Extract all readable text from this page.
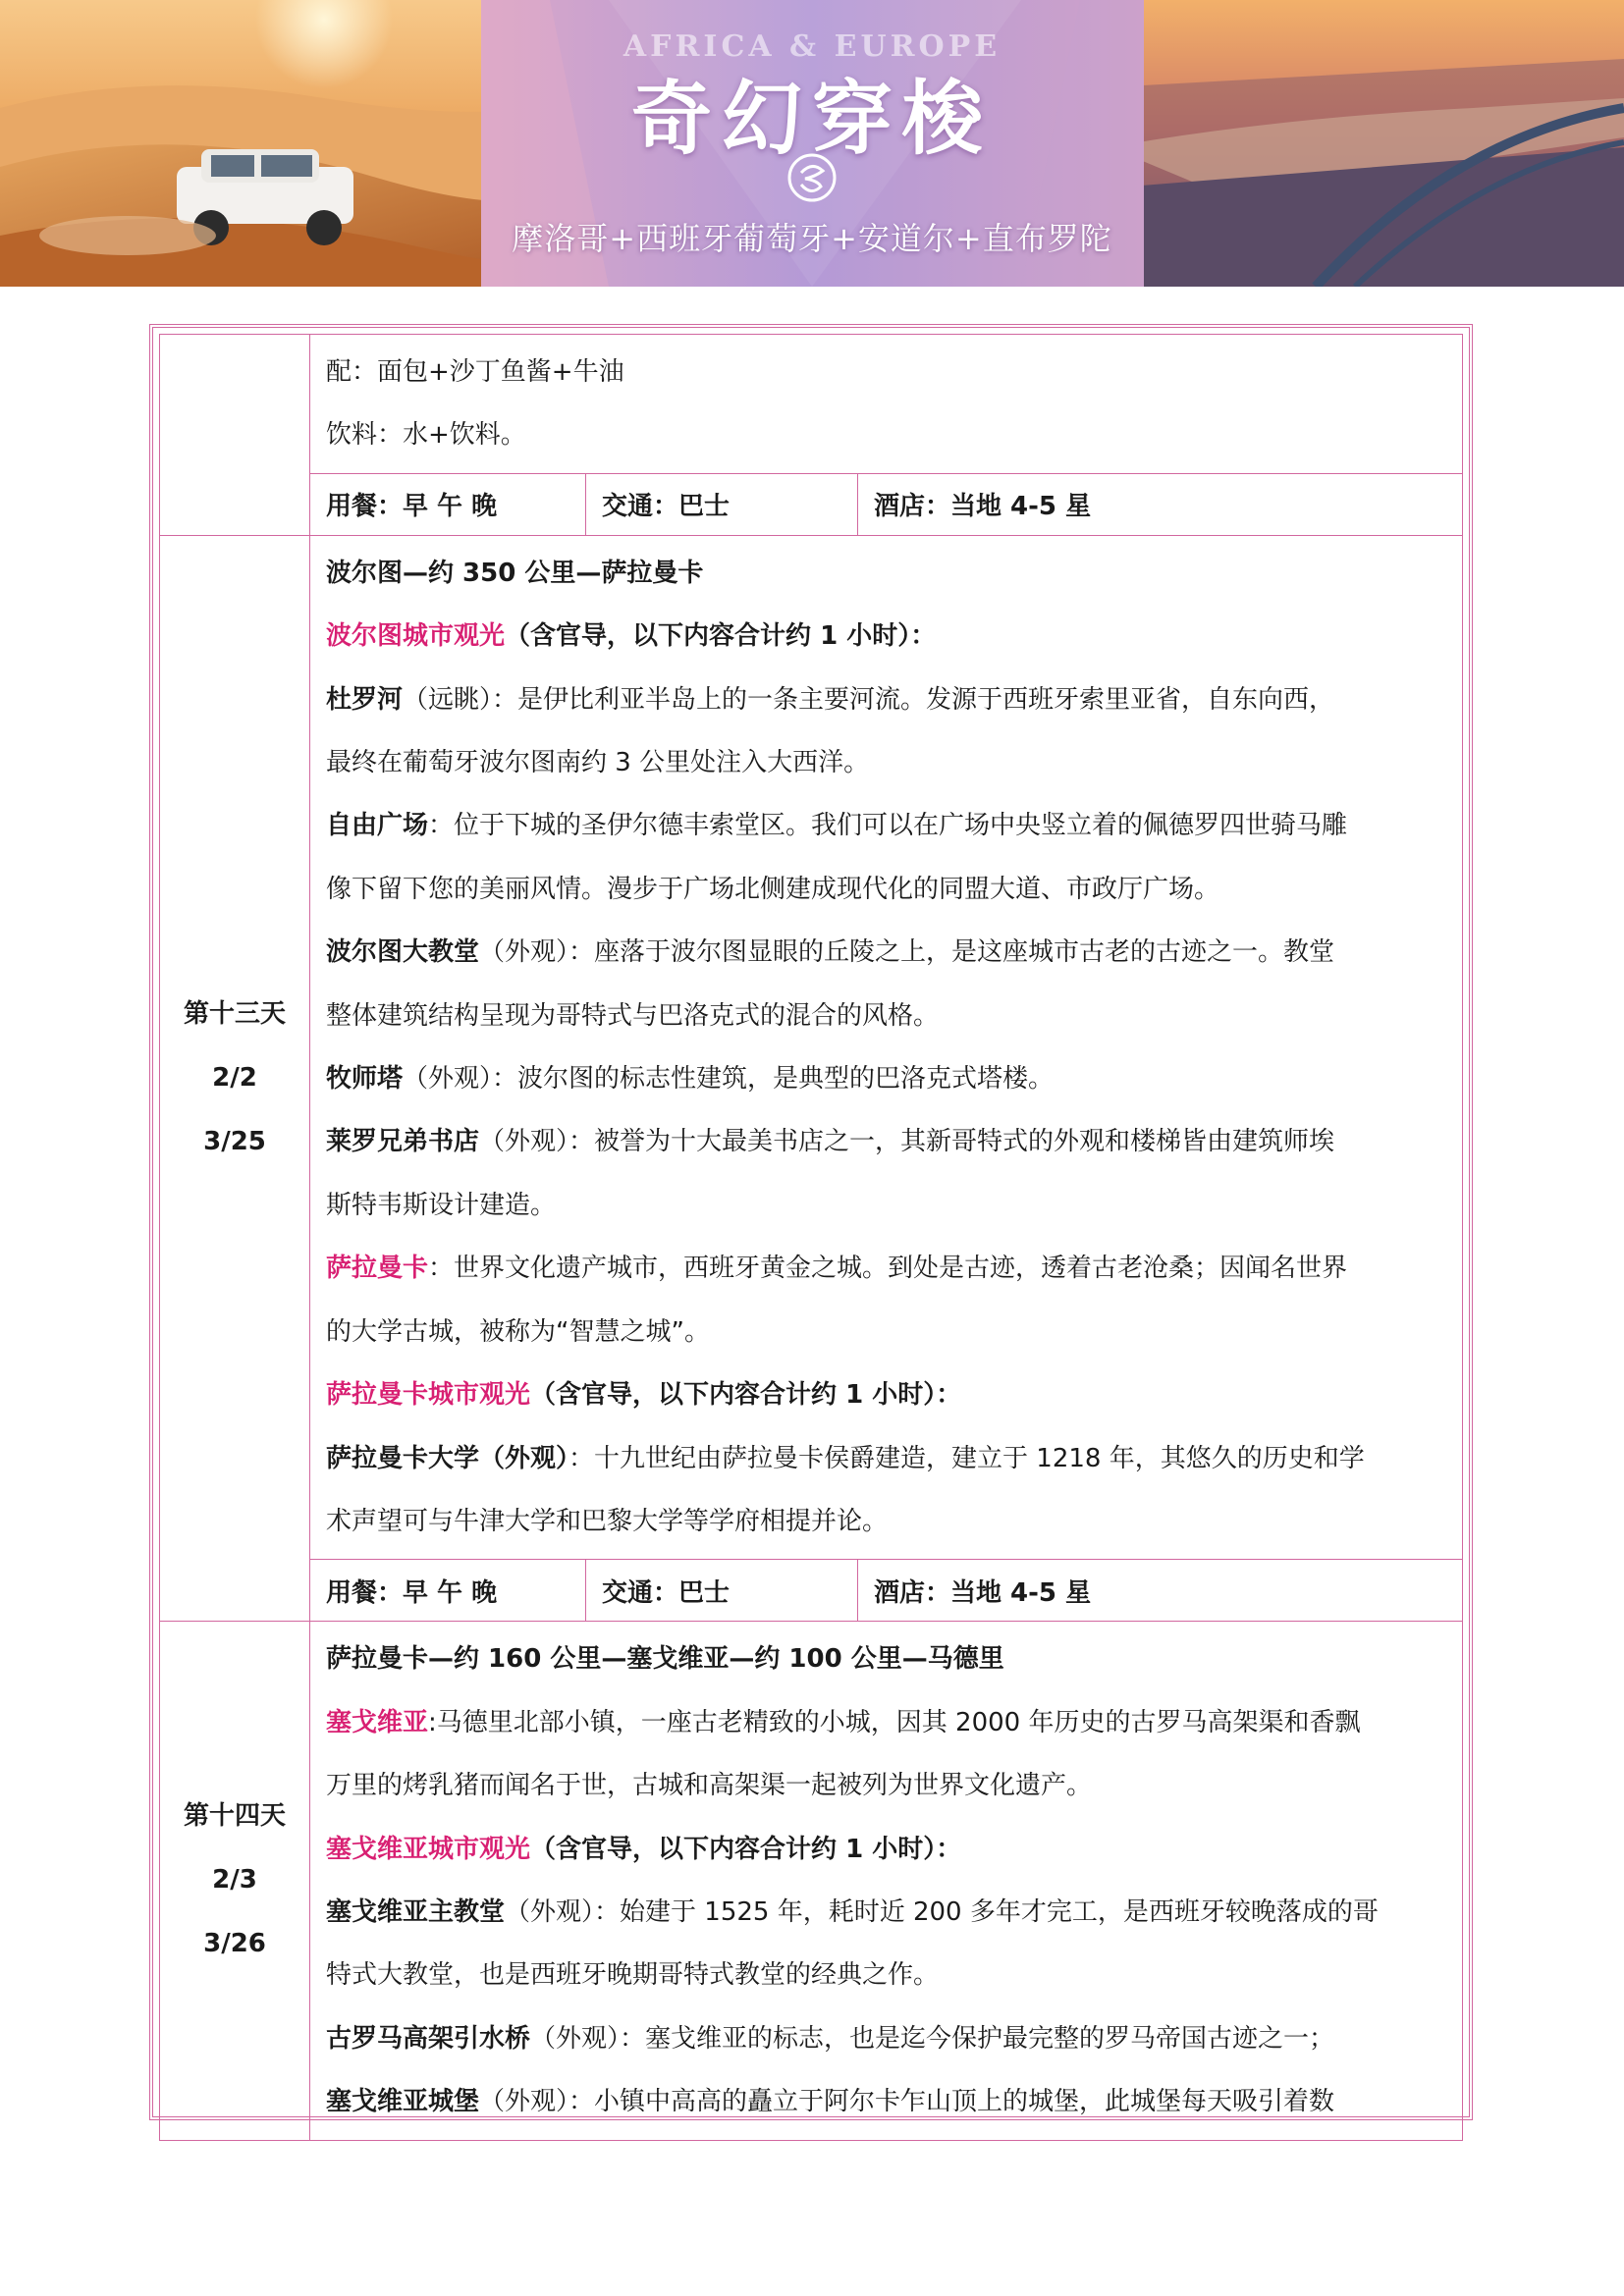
AFRICA & EUROPE
奇幻穿梭
摩洛哥+西班牙葡萄牙+安道尔+直布罗陀

配：面包+沙丁鱼酱+牛油
饮料：水+饮料。

用餐：早 午 晚	交通：巴士	酒店：当地 4-5 星

第十三天
2/2
3/25

波尔图—约 350 公里—萨拉曼卡
波尔图城市观光（含官导，以下内容合计约 1 小时）：
杜罗河（远眺）：是伊比利亚半岛上的一条主要河流。发源于西班牙索里亚省，自东向西，
最终在葡萄牙波尔图南约 3 公里处注入大西洋。
自由广场：位于下城的圣伊尔德丰索堂区。我们可以在广场中央竖立着的佩德罗四世骑马雕
像下留下您的美丽风情。漫步于广场北侧建成现代化的同盟大道、市政厅广场。
波尔图大教堂（外观）：座落于波尔图显眼的丘陵之上，是这座城市古老的古迹之一。教堂
整体建筑结构呈现为哥特式与巴洛克式的混合的风格。
牧师塔（外观）：波尔图的标志性建筑，是典型的巴洛克式塔楼。
莱罗兄弟书店（外观）：被誉为十大最美书店之一，其新哥特式的外观和楼梯皆由建筑师埃
斯特韦斯设计建造。
萨拉曼卡：世界文化遗产城市，西班牙黄金之城。到处是古迹，透着古老沧桑；因闻名世界
的大学古城，被称为“智慧之城”。
萨拉曼卡城市观光（含官导，以下内容合计约 1 小时）：
萨拉曼卡大学（外观）：十九世纪由萨拉曼卡侯爵建造，建立于 1218 年，其悠久的历史和学
术声望可与牛津大学和巴黎大学等学府相提并论。

用餐：早 午 晚	交通：巴士	酒店：当地 4-5 星

第十四天
2/3
3/26

萨拉曼卡—约 160 公里—塞戈维亚—约 100 公里—马德里
塞戈维亚:马德里北部小镇，一座古老精致的小城，因其 2000 年历史的古罗马高架渠和香飘
万里的烤乳猪而闻名于世，古城和高架渠一起被列为世界文化遗产。
塞戈维亚城市观光（含官导，以下内容合计约 1 小时）：
塞戈维亚主教堂（外观）：始建于 1525 年，耗时近 200 多年才完工，是西班牙较晚落成的哥
特式大教堂，也是西班牙晚期哥特式教堂的经典之作。
古罗马高架引水桥（外观）：塞戈维亚的标志，也是迄今保护最完整的罗马帝国古迹之一；
塞戈维亚城堡（外观）：小镇中高高的矗立于阿尔卡乍山顶上的城堡，此城堡每天吸引着数
